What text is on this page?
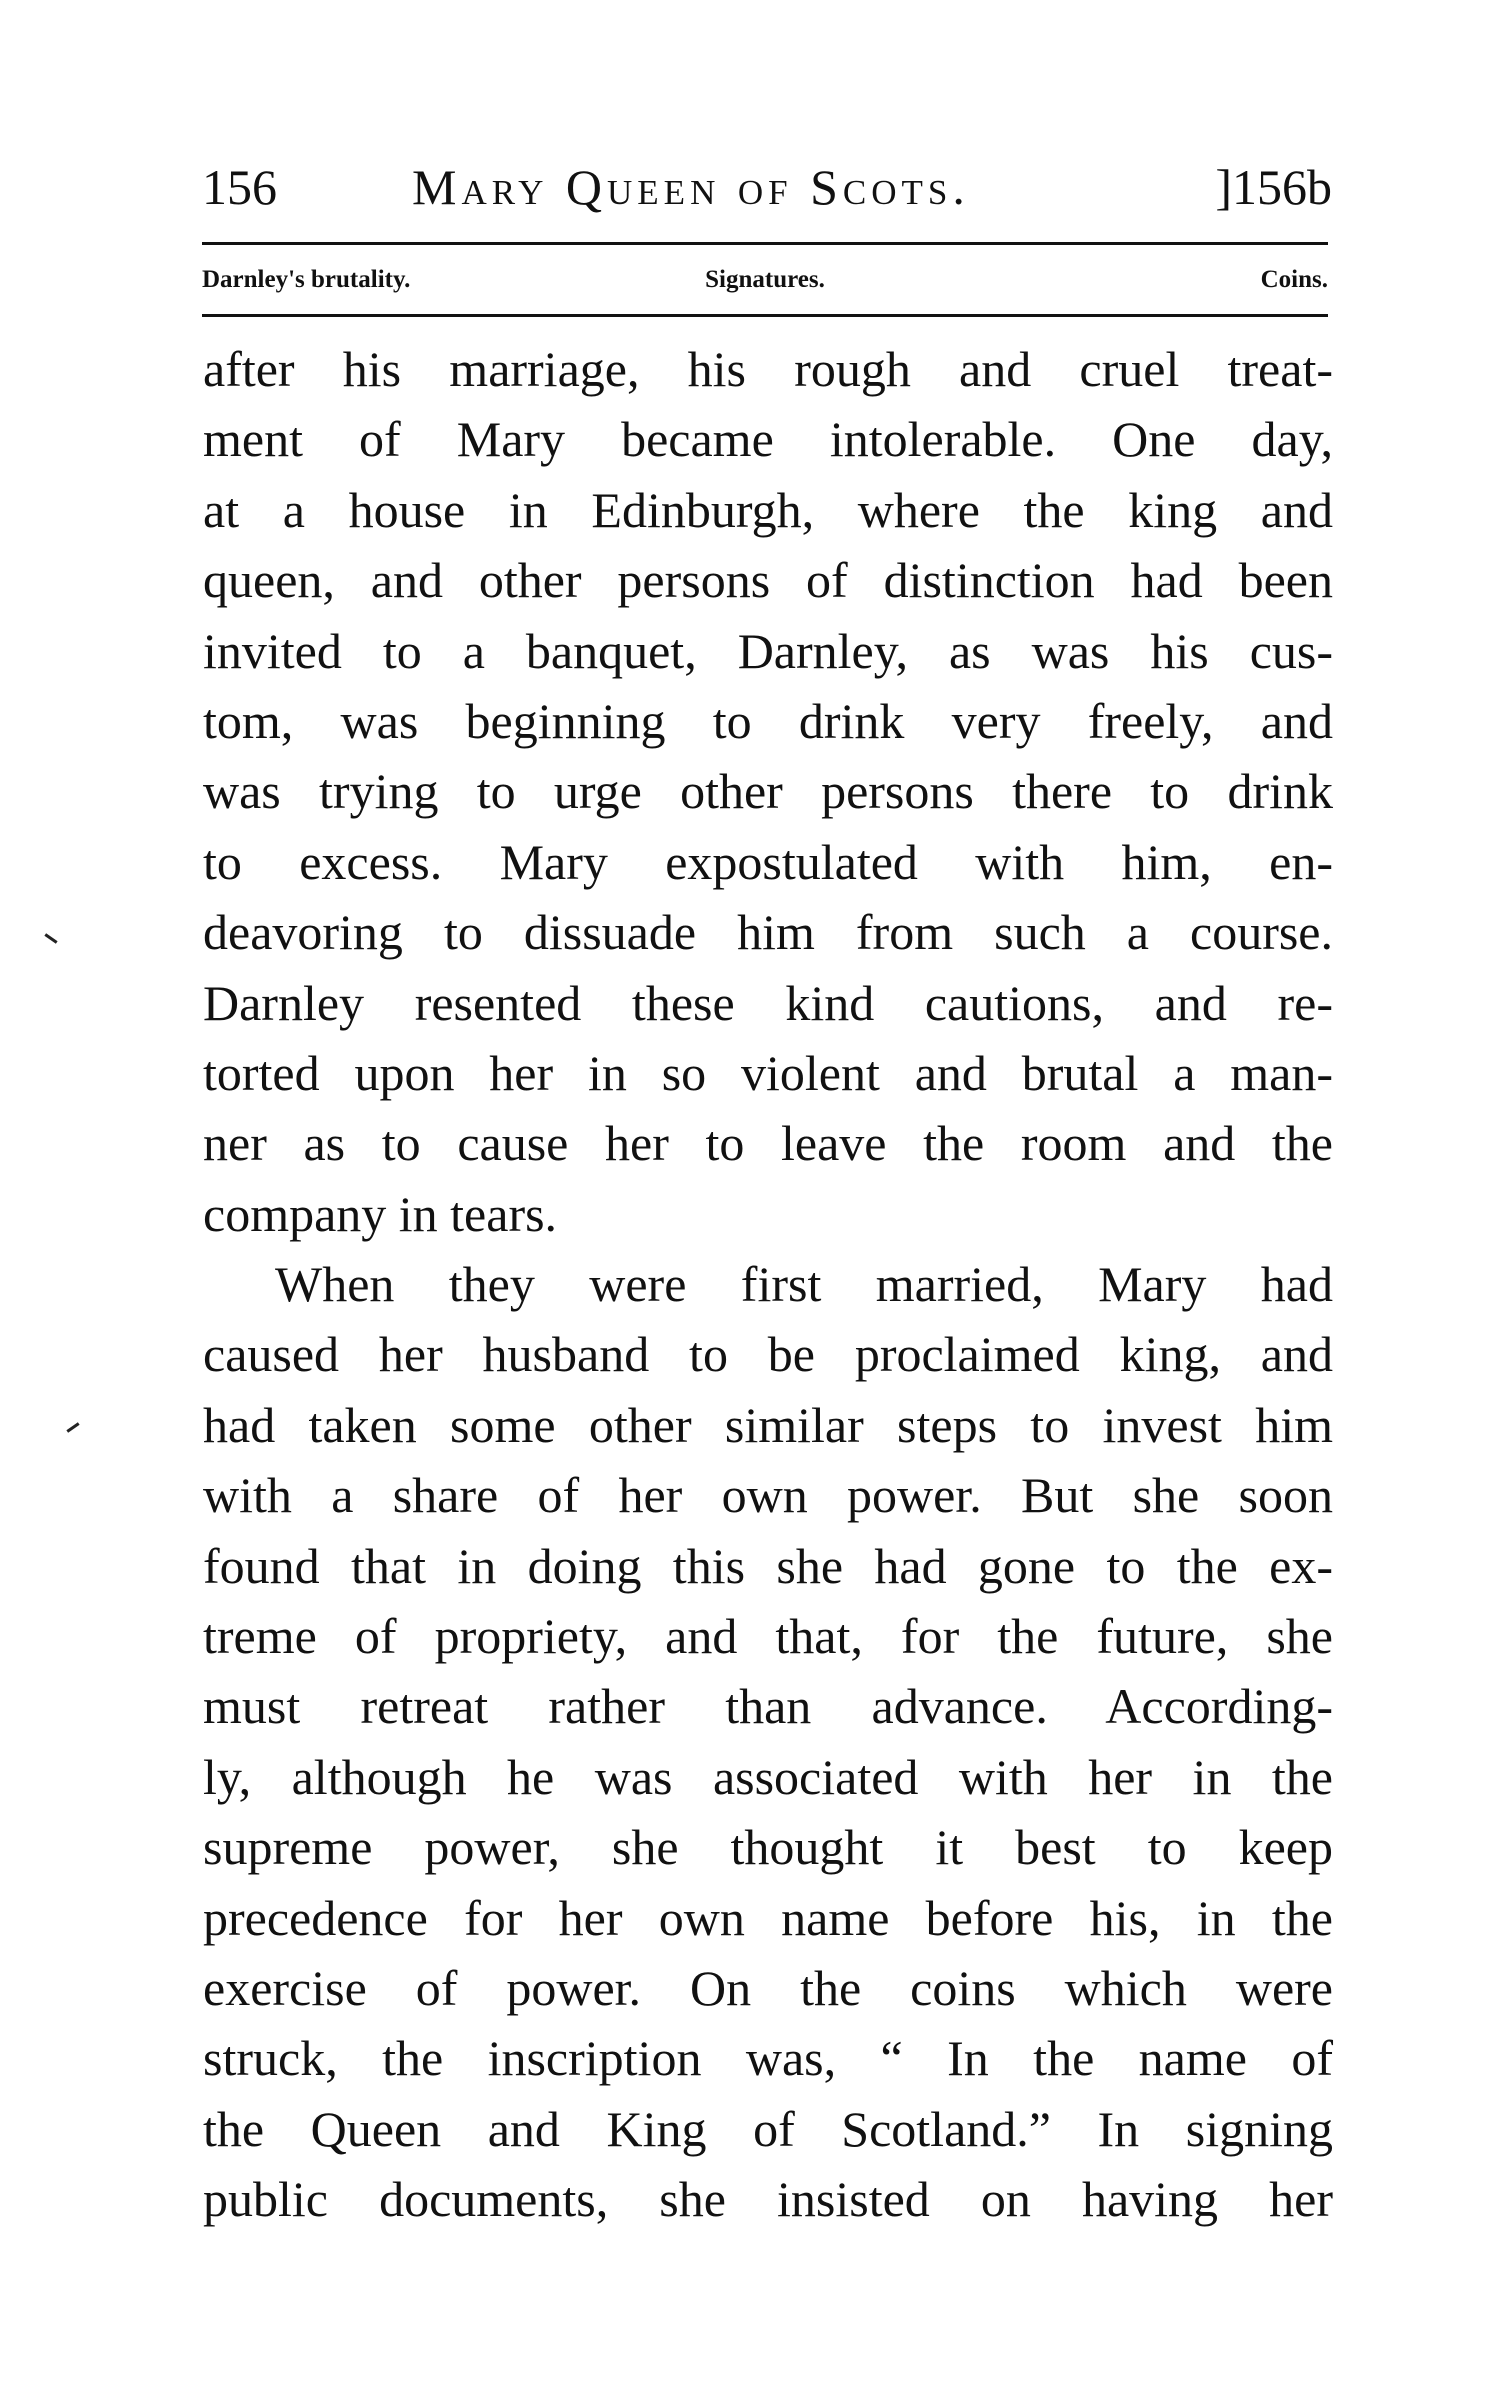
156	Mary Queen of Scots.	]156b
Darnley's brutality.	Signatures.	Coins.
after his marriage, his rough and cruel treat-
ment of Mary became intolerable. One day,
at a house in Edinburgh, where the king and
queen, and other persons of distinction had been
invited to a banquet, Darnley, as was his cus-
tom, was beginning to drink very freely, and
was trying to urge other persons there to drink
to excess. Mary expostulated with him, en-
deavoring to dissuade him from such a course.
Darnley resented these kind cautions, and re-
torted upon her in so violent and brutal a man-
ner as to cause her to leave the room and the
company in tears.
When they were first married, Mary had
caused her husband to be proclaimed king, and
had taken some other similar steps to invest him
with a share of her own power. But she soon
found that in doing this she had gone to the ex-
treme of propriety, and that, for the future, she
must retreat rather than advance. According-
ly, although he was associated with her in the
supreme power, she thought it best to keep
precedence for her own name before his, in the
exercise of power. On the coins which were
struck, the inscription was, “ In the name of
the Queen and King of Scotland.” In signing
public documents, she insisted on having her
